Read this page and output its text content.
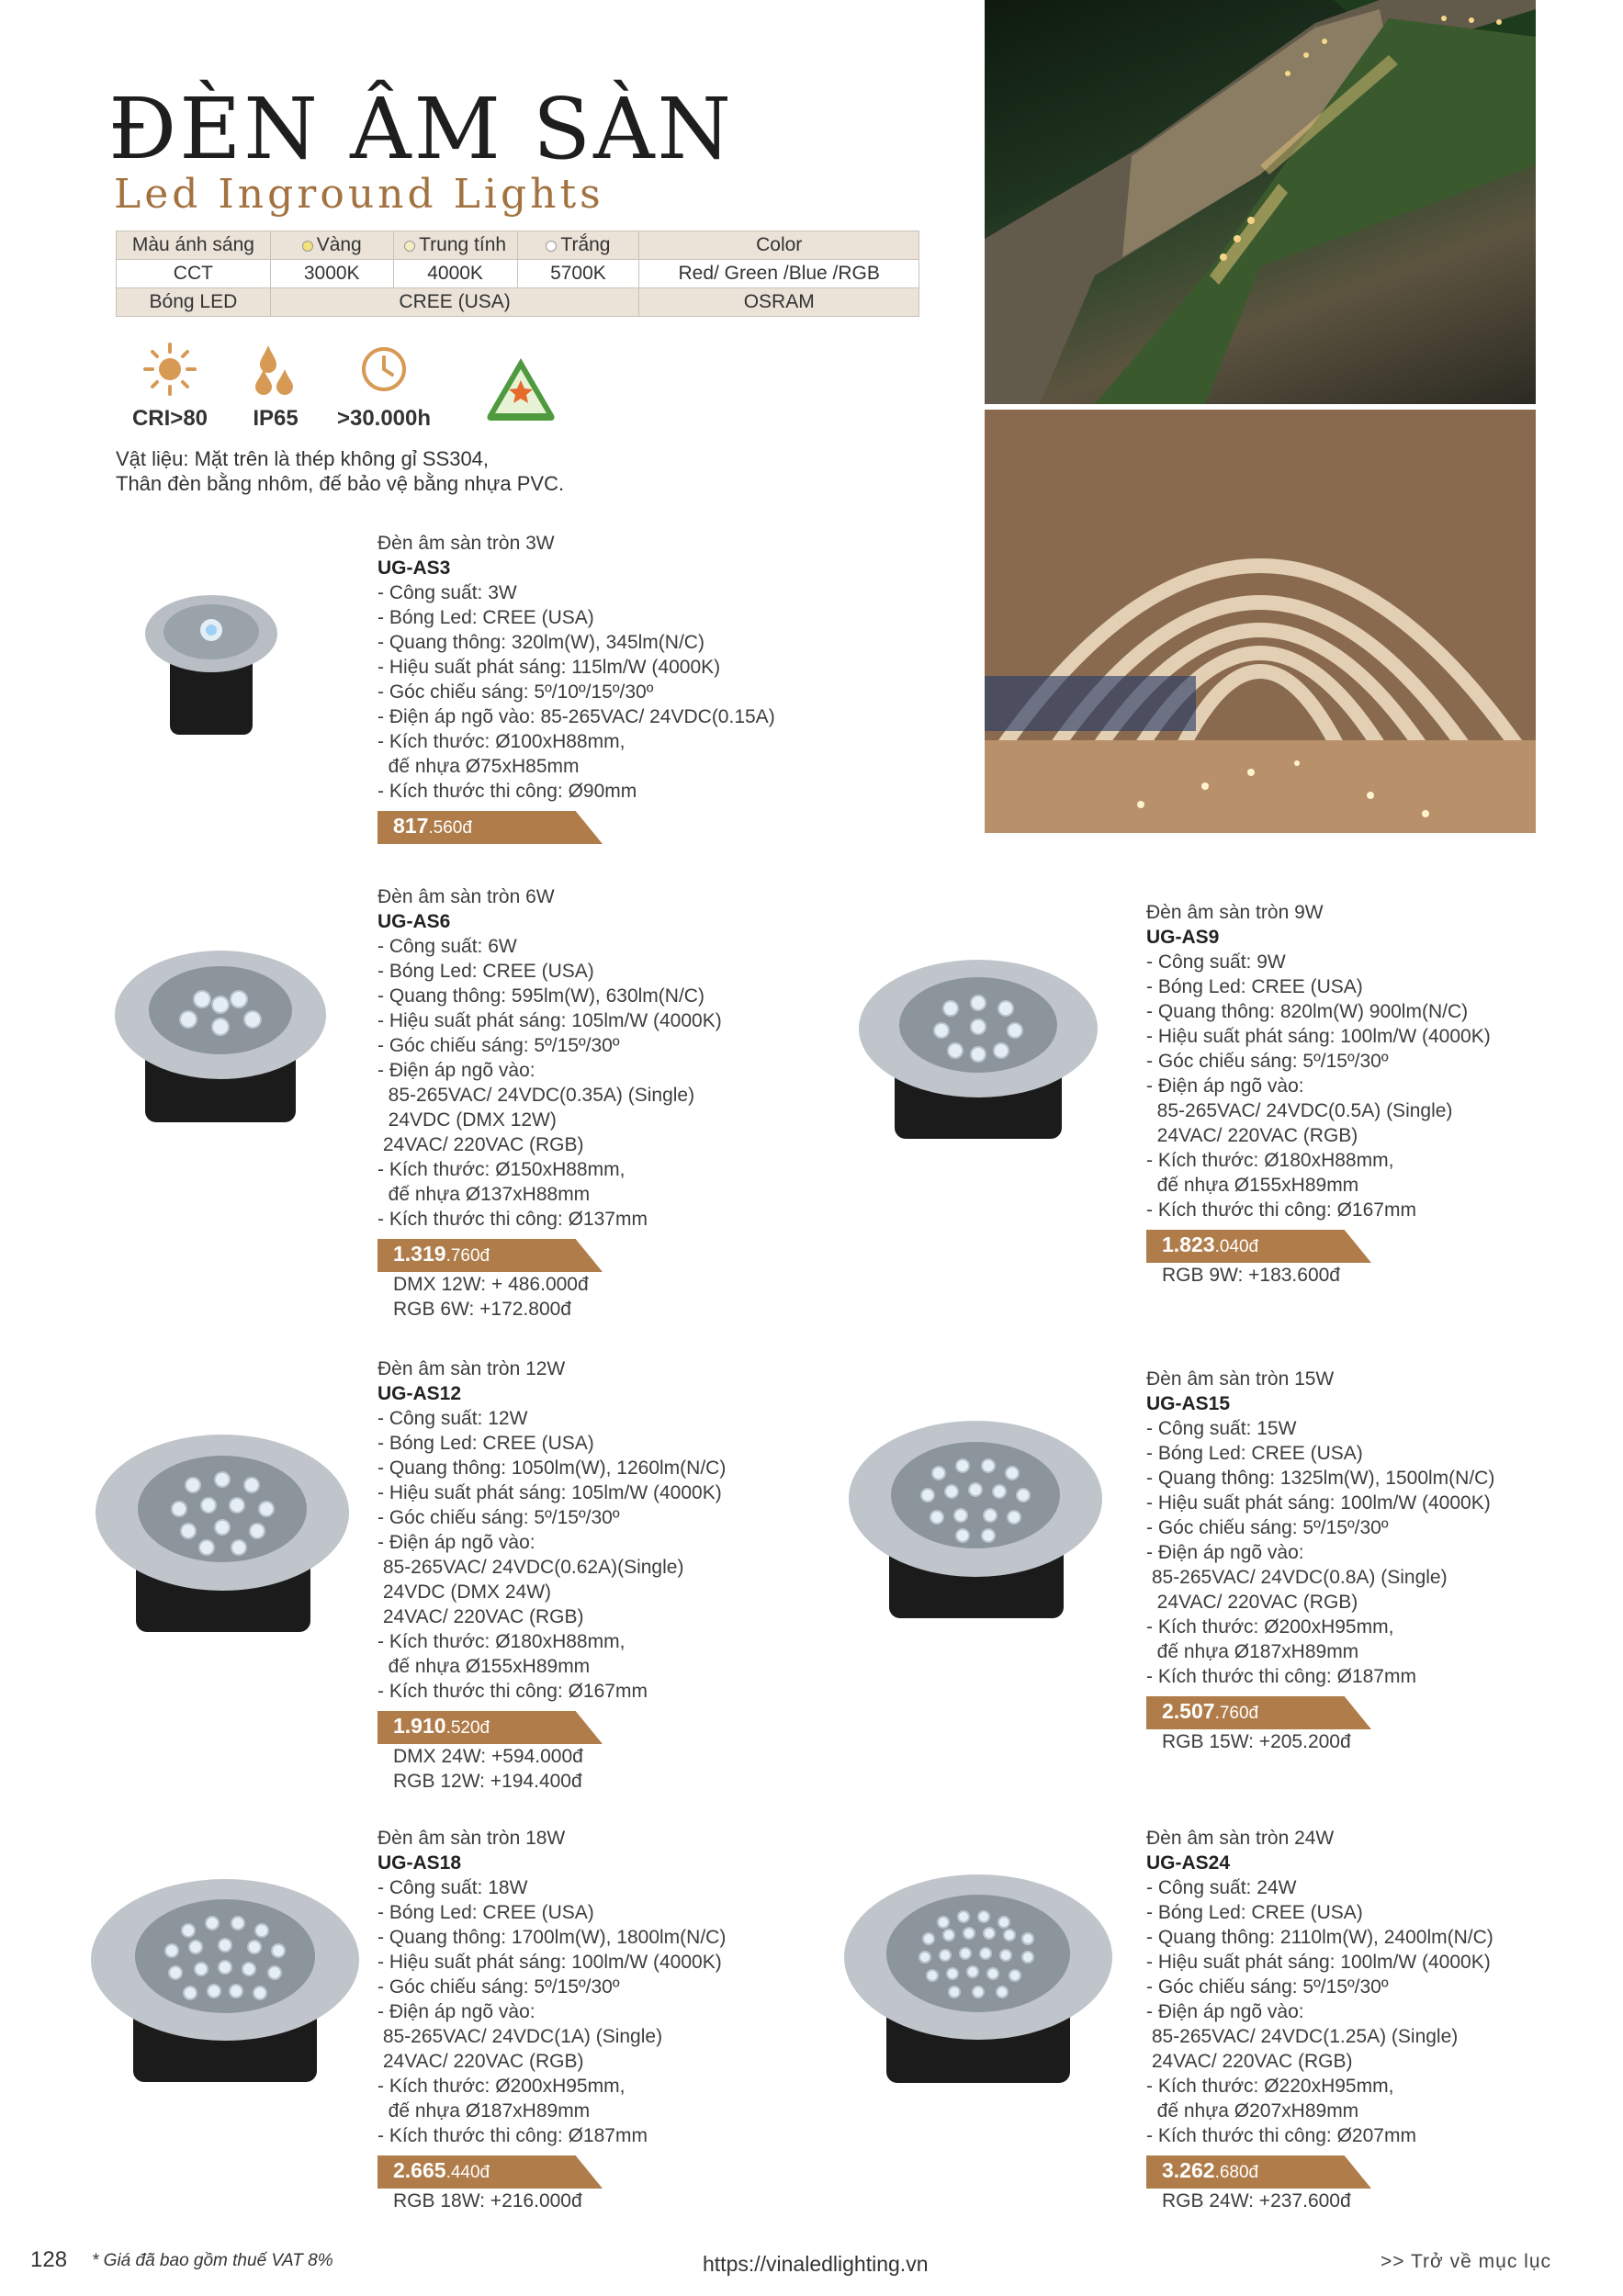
ĐÈN ÂM SÀN
Led Inground Lights
Màu ánh sáng	Vàng	Trung tính	Trắng	Color
CCT	3000K	4000K	5700K	Red/ Green /Blue /RGB
Bóng LED	CREE (USA)			OSRAM
CRI>80	IP65	>30.000h
Vật liệu: Mặt trên là thép không gỉ SS304,
Thân đèn bằng nhôm, đế bảo vệ bằng nhựa PVC.
Đèn âm sàn tròn 3W
UG-AS3
- Công suất: 3W
- Bóng Led: CREE (USA)
- Quang thông: 320lm(W), 345lm(N/C)
- Hiệu suất phát sáng: 115lm/W (4000K)
- Góc chiếu sáng: 5º/10º/15º/30º
- Điện áp ngõ vào: 85-265VAC/ 24VDC(0.15A)
- Kích thước: Ø100xH88mm,
đế nhựa Ø75xH85mm
- Kích thước thi công: Ø90mm
817.560đ
Đèn âm sàn tròn 6W
UG-AS6
- Công suất: 6W
- Bóng Led: CREE (USA)
- Quang thông: 595lm(W), 630lm(N/C)
- Hiệu suất phát sáng: 105lm/W (4000K)
- Góc chiếu sáng: 5º/15º/30º
- Điện áp ngõ vào:
85-265VAC/ 24VDC(0.35A) (Single)
24VDC (DMX 12W)
24VAC/ 220VAC (RGB)
- Kích thước: Ø150xH88mm,
đế nhựa Ø137xH88mm
- Kích thước thi công: Ø137mm
1.319.760đ
DMX 12W: + 486.000đ
RGB 6W: +172.800đ
Đèn âm sàn tròn 9W
UG-AS9
- Công suất: 9W
- Bóng Led: CREE (USA)
- Quang thông: 820lm(W) 900lm(N/C)
- Hiệu suất phát sáng: 100lm/W (4000K)
- Góc chiếu sáng: 5º/15º/30º
- Điện áp ngõ vào:
85-265VAC/ 24VDC(0.5A) (Single)
24VAC/ 220VAC (RGB)
- Kích thước: Ø180xH88mm,
đế nhựa Ø155xH89mm
- Kích thước thi công: Ø167mm
1.823.040đ
RGB 9W: +183.600đ
Đèn âm sàn tròn 12W
UG-AS12
- Công suất: 12W
- Bóng Led: CREE (USA)
- Quang thông: 1050lm(W), 1260lm(N/C)
- Hiệu suất phát sáng: 105lm/W (4000K)
- Góc chiếu sáng: 5º/15º/30º
- Điện áp ngõ vào:
85-265VAC/ 24VDC(0.62A)(Single)
24VDC (DMX 24W)
24VAC/ 220VAC (RGB)
- Kích thước: Ø180xH88mm,
đế nhựa Ø155xH89mm
- Kích thước thi công: Ø167mm
1.910.520đ
DMX 24W: +594.000đ
RGB 12W: +194.400đ
Đèn âm sàn tròn 15W
UG-AS15
- Công suất: 15W
- Bóng Led: CREE (USA)
- Quang thông: 1325lm(W), 1500lm(N/C)
- Hiệu suất phát sáng: 100lm/W (4000K)
- Góc chiếu sáng: 5º/15º/30º
- Điện áp ngõ vào:
85-265VAC/ 24VDC(0.8A) (Single)
24VAC/ 220VAC (RGB)
- Kích thước: Ø200xH95mm,
đế nhựa Ø187xH89mm
- Kích thước thi công: Ø187mm
2.507.760đ
RGB 15W: +205.200đ
Đèn âm sàn tròn 18W
UG-AS18
- Công suất: 18W
- Bóng Led: CREE (USA)
- Quang thông: 1700lm(W), 1800lm(N/C)
- Hiệu suất phát sáng: 100lm/W (4000K)
- Góc chiếu sáng: 5º/15º/30º
- Điện áp ngõ vào:
85-265VAC/ 24VDC(1A) (Single)
24VAC/ 220VAC (RGB)
- Kích thước: Ø200xH95mm,
đế nhựa Ø187xH89mm
- Kích thước thi công: Ø187mm
2.665.440đ
RGB 18W: +216.000đ
Đèn âm sàn tròn 24W
UG-AS24
- Công suất: 24W
- Bóng Led: CREE (USA)
- Quang thông: 2110lm(W), 2400lm(N/C)
- Hiệu suất phát sáng: 100lm/W (4000K)
- Góc chiếu sáng: 5º/15º/30º
- Điện áp ngõ vào:
85-265VAC/ 24VDC(1.25A) (Single)
24VAC/ 220VAC (RGB)
- Kích thước: Ø220xH95mm,
đế nhựa Ø207xH89mm
- Kích thước thi công: Ø207mm
3.262.680đ
RGB 24W: +237.600đ
128 * Giá đã bao gồm thuế VAT 8%	https://vinaledlighting.vn	>> Trở về mục lục
